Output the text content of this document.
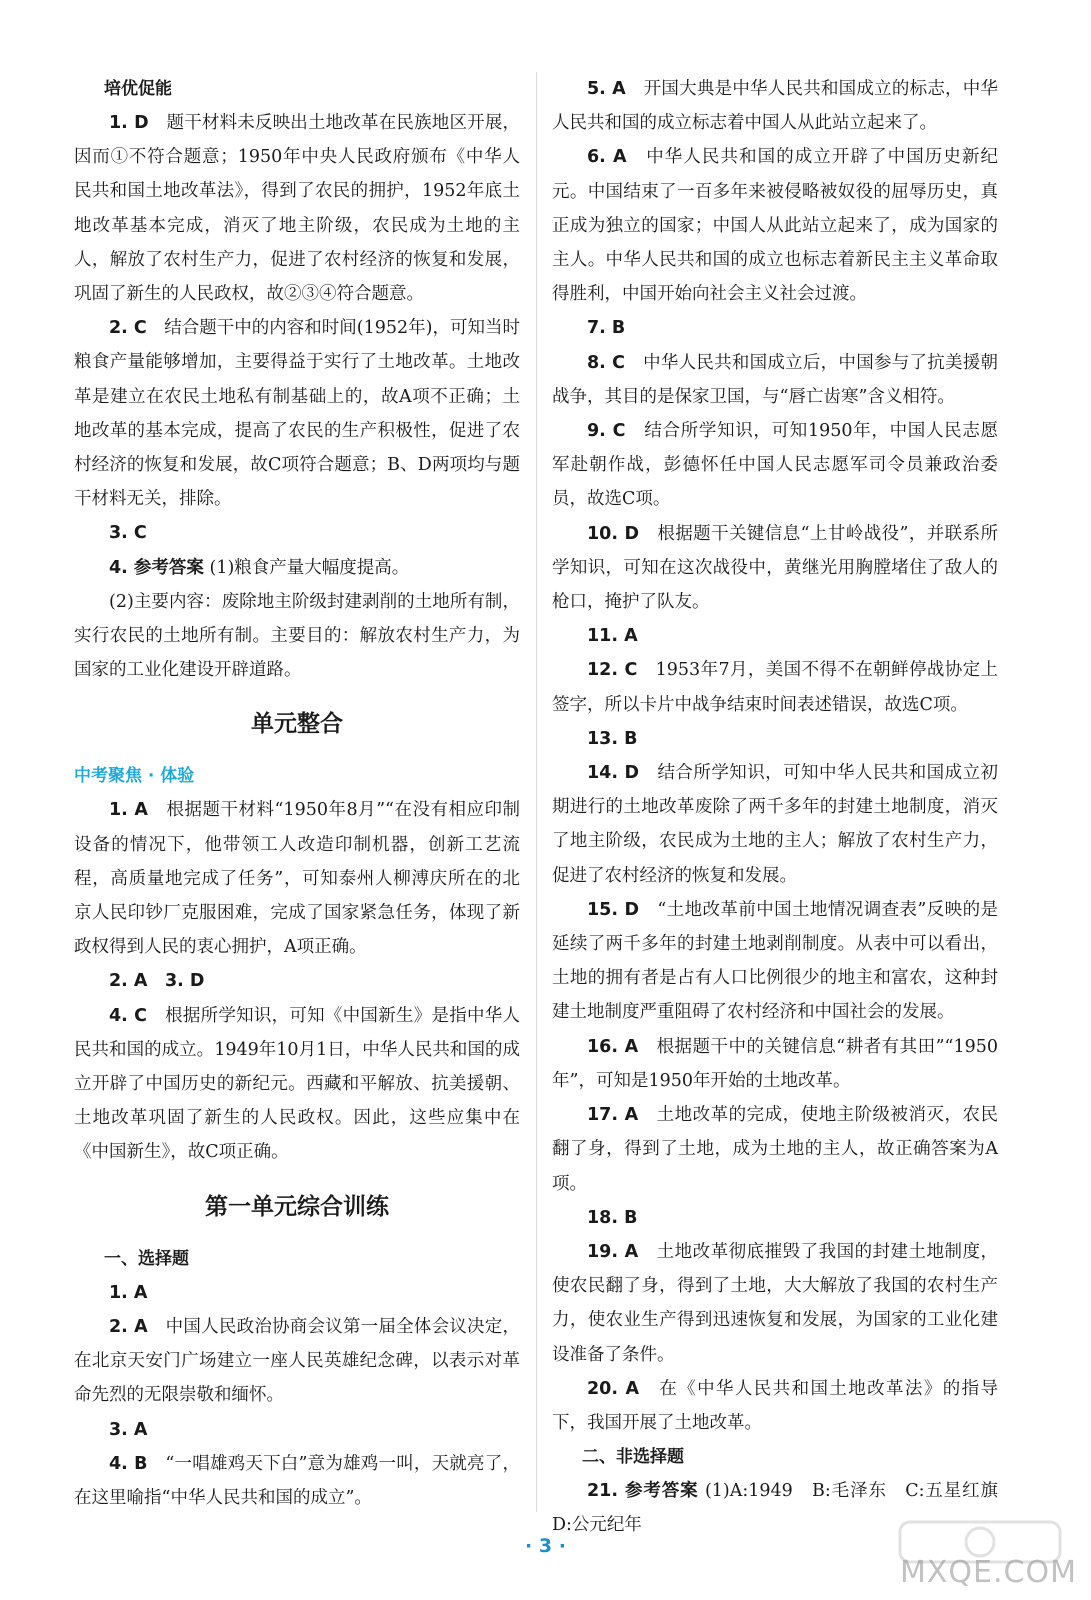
培优促能

1. D　 题干材料未反映出土地改革在民族地区开展，因而①不符合题意；1950年中央人民政府颁布《中华人民共和国土地改革法》，得到了农民的拥护，1952年底土地改革基本完成，消灭了地主阶级，农民成为土地的主人，解放了农村生产力，促进了农村经济的恢复和发展，巩固了新生的人民政权，故②③④符合题意。

2. C　 结合题干中的内容和时间(1952年)，可知当时粮食产量能够增加，主要得益于实行了土地改革。土地改革是建立在农民土地私有制基础上的，故A项不正确；土地改革的基本完成，提高了农民的生产积极性，促进了农村经济的恢复和发展，故C项符合题意；B、D两项均与题干材料无关，排除。

3. C

4. 参考答案 (1)粮食产量大幅度提高。

(2)主要内容：废除地主阶级封建剥削的土地所有制，实行农民的土地所有制。主要目的：解放农村生产力，为国家的工业化建设开辟道路。

单元整合

中考聚焦 · 体验

1. A　 根据题干材料“1950年8月”“在没有相应印制设备的情况下，他带领工人改造印制机器，创新工艺流程，高质量地完成了任务”，可知泰州人柳溥庆所在的北京人民印钞厂克服困难，完成了国家紧急任务，体现了新政权得到人民的衷心拥护，A项正确。

2. A　3. D

4. C　 根据所学知识，可知《中国新生》是指中华人民共和国的成立。1949年10月1日，中华人民共和国的成立开辟了中国历史的新纪元。西藏和平解放、抗美援朝、土地改革巩固了新生的人民政权。因此，这些应集中在《中国新生》，故C项正确。

第一单元综合训练

一、选择题

1. A

2. A　 中国人民政治协商会议第一届全体会议决定，在北京天安门广场建立一座人民英雄纪念碑，以表示对革命先烈的无限崇敬和缅怀。

3. A

4. B　 “一唱雄鸡天下白”意为雄鸡一叫，天就亮了，在这里喻指“中华人民共和国的成立”。

5. A　 开国大典是中华人民共和国成立的标志，中华人民共和国的成立标志着中国人从此站立起来了。

6. A　 中华人民共和国的成立开辟了中国历史新纪元。中国结束了一百多年来被侵略被奴役的屈辱历史，真正成为独立的国家；中国人从此站立起来了，成为国家的主人。中华人民共和国的成立也标志着新民主主义革命取得胜利，中国开始向社会主义社会过渡。

7. B

8. C　 中华人民共和国成立后，中国参与了抗美援朝战争，其目的是保家卫国，与“唇亡齿寒”含义相符。

9. C　 结合所学知识，可知1950年，中国人民志愿军赴朝作战，彭德怀任中国人民志愿军司令员兼政治委员，故选C项。

10. D　 根据题干关键信息“上甘岭战役”，并联系所学知识，可知在这次战役中，黄继光用胸膛堵住了敌人的枪口，掩护了队友。

11. A

12. C　 1953年7月，美国不得不在朝鲜停战协定上签字，所以卡片中战争结束时间表述错误，故选C项。

13. B

14. D　 结合所学知识，可知中华人民共和国成立初期进行的土地改革废除了两千多年的封建土地制度，消灭了地主阶级，农民成为土地的主人；解放了农村生产力，促进了农村经济的恢复和发展。

15. D　 “土地改革前中国土地情况调查表”反映的是延续了两千多年的封建土地剥削制度。从表中可以看出，土地的拥有者是占有人口比例很少的地主和富农，这种封建土地制度严重阻碍了农村经济和中国社会的发展。

16. A　 根据题干中的关键信息“耕者有其田”“1950年”，可知是1950年开始的土地改革。

17. A　 土地改革的完成，使地主阶级被消灭，农民翻了身，得到了土地，成为土地的主人，故正确答案为A项。

18. B

19. A　 土地改革彻底摧毁了我国的封建土地制度，使农民翻了身，得到了土地，大大解放了我国的农村生产力，使农业生产得到迅速恢复和发展，为国家的工业化建设准备了条件。

20. A　 在《中华人民共和国土地改革法》的指导下，我国开展了土地改革。

二、非选择题

21. 参考答案 (1)A:1949　B:毛泽东　C:五星红旗　D:公元纪年

· 3 ·
MXQE.COM
